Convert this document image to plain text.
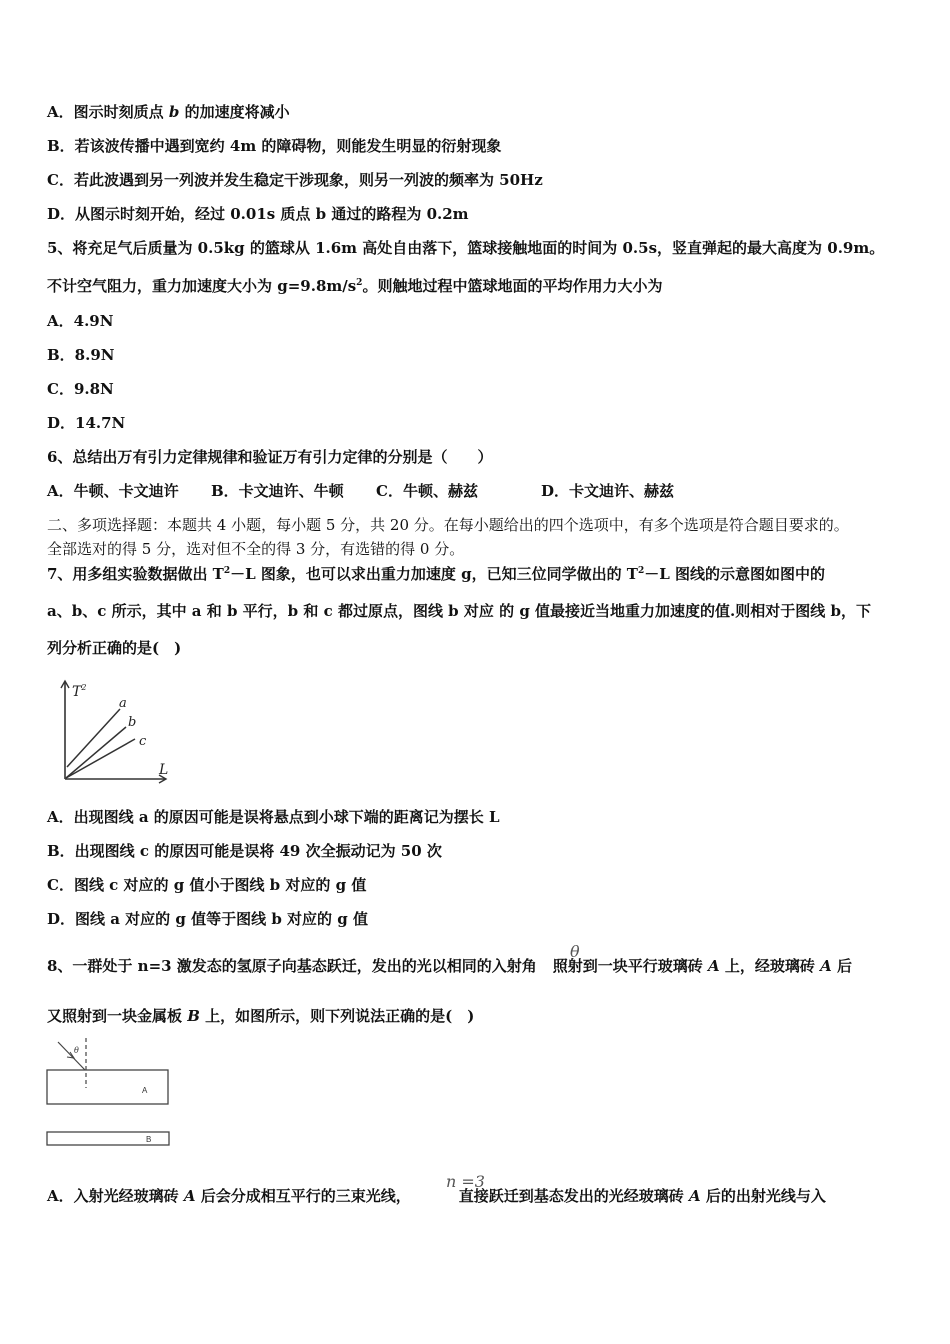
A．图示时刻质点 b 的加速度将减小
B．若该波传播中遇到宽约 4m 的障碍物，则能发生明显的衍射现象
C．若此波遇到另一列波并发生稳定干涉现象，则另一列波的频率为 50Hz
D．从图示时刻开始，经过 0.01s 质点 b 通过的路程为 0.2m
5、将充足气后质量为 0.5kg 的篮球从 1.6m 高处自由落下，篮球接触地面的时间为 0.5s，竖直弹起的最大高度为 0.9m。
不计空气阻力，重力加速度大小为 $g=9.8m/s^2$。则触地过程中篮球地面的平均作用力大小为
A．4.9N
B．8.9N
C．9.8N
D．14.7N
6、总结出万有引力定律规律和验证万有引力定律的分别是（　　）
A．牛顿、卡文迪许 B．卡文迪许、牛顿 C．牛顿、赫兹	D．卡文迪许、赫兹
二、多项选择题：本题共 4 小题，每小题 5 分，共 20 分。在每小题给出的四个选项中，有多个选项是符合题目要求的。
全部选对的得 5 分，选对但不全的得 3 分，有选错的得 0 分。
7、用多组实验数据做出 $T^2-L$ 图象，也可以求出重力加速度 g，已知三位同学做出的 $T^2-L$ 图线的示意图如图中的
a、b、c 所示，其中 a 和 b 平行，b 和 c 都过原点，图线 b 对应 的 g 值最接近当地重力加速度的值.则相对于图线 b，下
列分析正确的是(　)
$T^2$
L
a
b
c
A．出现图线 a 的原因可能是误将悬点到小球下端的距离记为摆长 L
B．出现图线 c 的原因可能是误将 49 次全振动记为 50 次
C．图线 c 对应的 g 值小于图线 b 对应的 g 值
D．图线 a 对应的 g 值等于图线 b 对应的 g 值
8、一群处于 n=3 激发态的氢原子向基态跃迁，发出的光以相同的入射角 照射到一块平行玻璃砖 A 上，经玻璃砖 A 后
θ
又照射到一块金属板 B 上，如图所示，则下列说法正确的是(　)
θ
A
B
A．入射光经玻璃砖 A 后会分成相互平行的三束光线，	直接跃迁到基态发出的光经玻璃砖 A 后的出射光线与入
n =3
